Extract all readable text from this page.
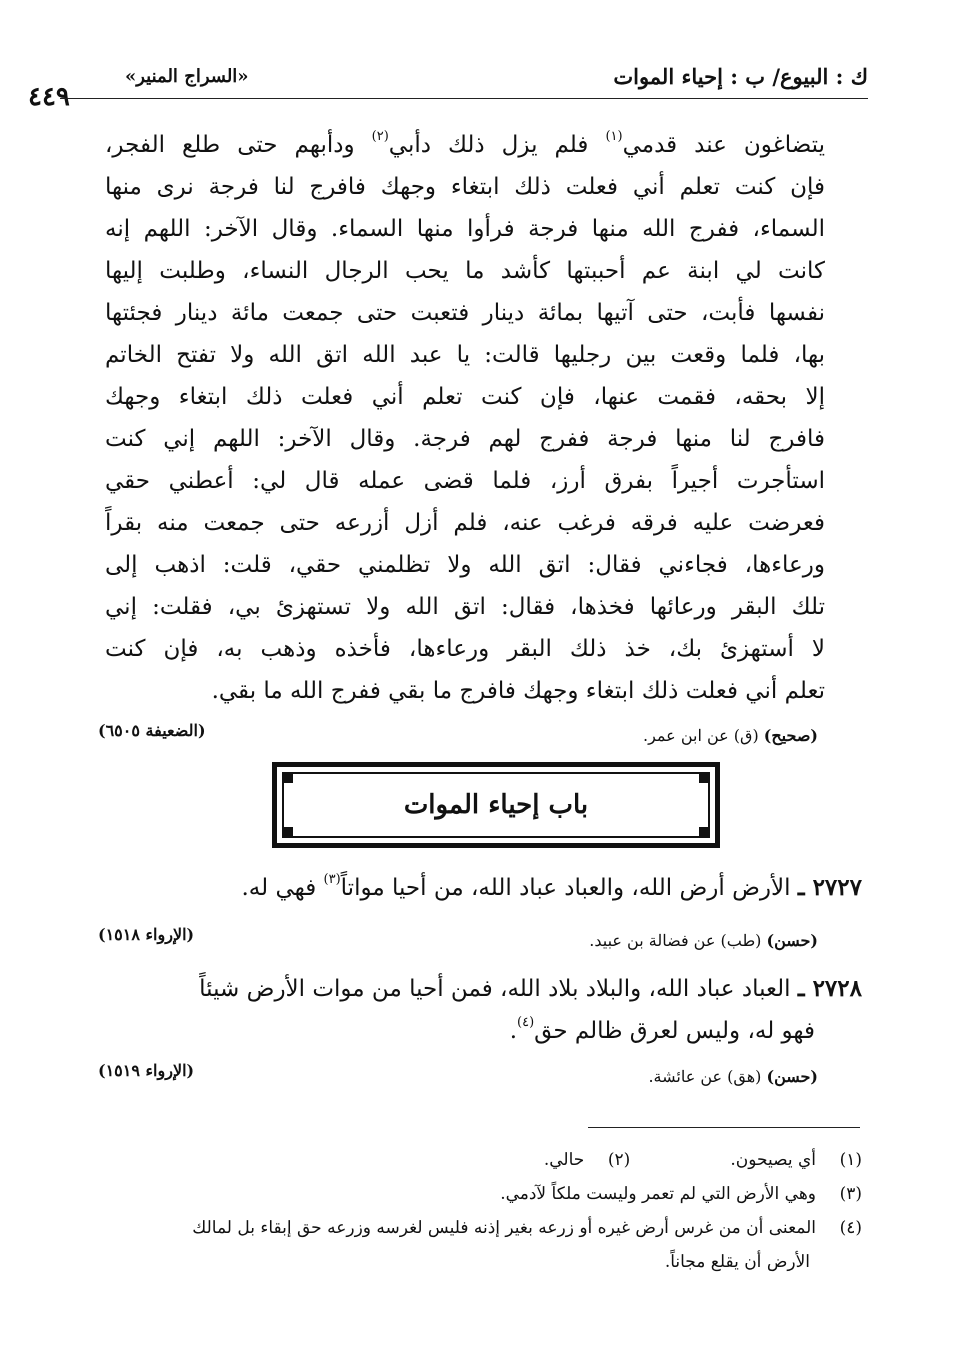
ك : البيوع/ ب : إحياء الموات
«السراج المنير»
٤٤٩
يتضاغون عند قدمي$^{(١)}$ فلم يزل ذلك دأبي$^{(٢)}$ ودأبهم حتى طلع الفجر،
فإن كنت تعلم أني فعلت ذلك ابتغاء وجهك فافرج لنا فرجة نرى منها
السماء، ففرج الله منها فرجة فرأوا منها السماء. وقال الآخر: اللهم إنه
كانت لي ابنة عم أحببتها كأشد ما يحب الرجال النساء، وطلبت إليها
نفسها فأبت، حتى آتيها بمائة دينار فتعبت حتى جمعت مائة دينار فجئتها
بها، فلما وقعت بين رجليها قالت: يا عبد الله اتق الله ولا تفتح الخاتم
إلا بحقه، فقمت عنها، فإن كنت تعلم أني فعلت ذلك ابتغاء وجهك
فافرج لنا منها فرجة ففرج لهم فرجة. وقال الآخر: اللهم إني كنت
استأجرت أجيراً بفرق أرز، فلما قضى عمله قال لي: أعطني حقي
فعرضت عليه فرقه فرغب عنه، فلم أزل أزرعه حتى جمعت منه بقراً
ورعاءها، فجاءني فقال: اتق الله ولا تظلمني حقي، قلت: اذهب إلى
تلك البقر ورعائها فخذها، فقال: اتق الله ولا تستهزئ بي، فقلت: إني
لا أستهزئ بك، خذ ذلك البقر ورعاءها، فأخذه وذهب به، فإن كنت
تعلم أني فعلت ذلك ابتغاء وجهك فافرج ما بقي ففرج الله ما بقي.
(صحيح) (ق) عن ابن عمر.
(الضعيفة ٦٥٠٥)
باب إحياء الموات
٢٧٢٧ ـ الأرض أرض الله، والعباد عباد الله، من أحيا مواتاً$^{(٣)}$ فهي له.
(حسن) (طب) عن فضالة بن عبيد.
(الإرواء ١٥١٨)
٢٧٢٨ ـ العباد عباد الله، والبلاد بلاد الله، فمن أحيا من موات الأرض شيئاً
فهو له، وليس لعرق ظالم حق$^{(٤)}$.
(حسن) (هق) عن عائشة.
(الإرواء ١٥١٩)
(١)أي يصيحون.(٢)حالي.
(٣)وهي الأرض التي لم تعمر وليست ملكاً لآدمي.
(٤)المعنى أن من غرس أرض غيره أو زرعه بغير إذنه فليس لغرسه وزرعه حق إبقاء بل لمالك
الأرض أن يقلع مجاناً.
